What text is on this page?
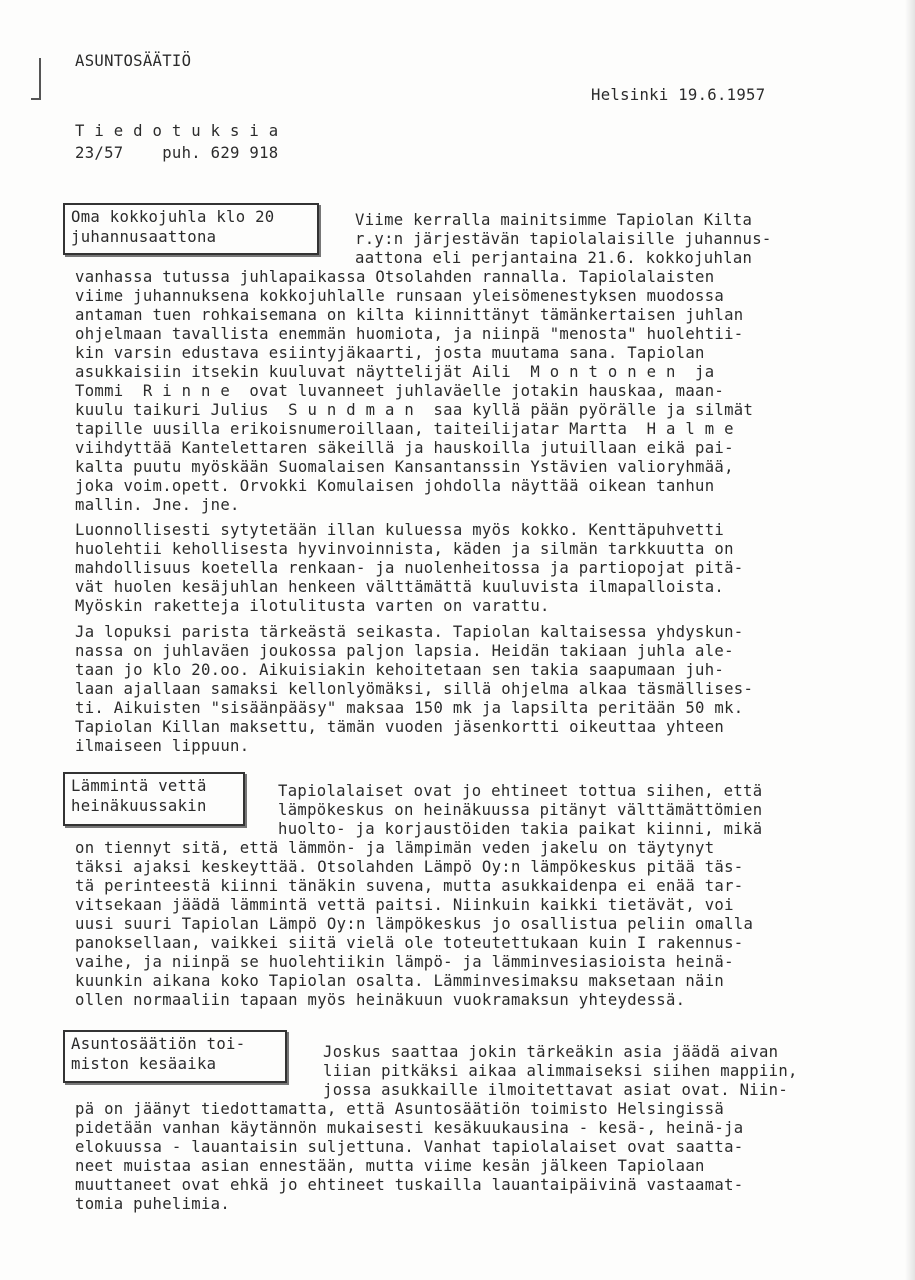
ASUNTOSÄÄTIÖ
Helsinki 19.6.1957
T i e d o t u k s i a
23/57    puh. 629 918
Oma kokkojuhla klo 20
juhannusaattona
Viime kerralla mainitsimme Tapiolan Kilta
r.y:n järjestävän tapiolalaisille juhannus-
aattona eli perjantaina 21.6. kokkojuhlan
vanhassa tutussa juhlapaikassa Otsolahden rannalla. Tapiolalaisten
viime juhannuksena kokkojuhlalle runsaan yleisömenestyksen muodossa
antaman tuen rohkaisemana on kilta kiinnittänyt tämänkertaisen juhlan
ohjelmaan tavallista enemmän huomiota, ja niinpä "menosta" huolehtii-
kin varsin edustava esiintyjäkaarti, josta muutama sana. Tapiolan
asukkaisiin itsekin kuuluvat näyttelijät Aili  M o n t o n e n  ja
Tommi  R i n n e  ovat luvanneet juhlaväelle jotakin hauskaa, maan-
kuulu taikuri Julius  S u n d m a n  saa kyllä pään pyörälle ja silmät
tapille uusilla erikoisnumeroillaan, taiteilijatar Martta  H a l m e
viihdyttää Kantelettaren säkeillä ja hauskoilla jutuillaan eikä pai-
kalta puutu myöskään Suomalaisen Kansantanssin Ystävien valioryhmää,
joka voim.opett. Orvokki Komulaisen johdolla näyttää oikean tanhun
mallin. Jne. jne.
Luonnollisesti sytytetään illan kuluessa myös kokko. Kenttäpuhvetti
huolehtii kehollisesta hyvinvoinnista, käden ja silmän tarkkuutta on
mahdollisuus koetella renkaan- ja nuolenheitossa ja partiopojat pitä-
vät huolen kesäjuhlan henkeen välttämättä kuuluvista ilmapalloista.
Myöskin raketteja ilotulitusta varten on varattu.
Ja lopuksi parista tärkeästä seikasta. Tapiolan kaltaisessa yhdyskun-
nassa on juhlaväen joukossa paljon lapsia. Heidän takiaan juhla ale-
taan jo klo 20.oo. Aikuisiakin kehoitetaan sen takia saapumaan juh-
laan ajallaan samaksi kellonlyömäksi, sillä ohjelma alkaa täsmällises-
ti. Aikuisten "sisäänpääsy" maksaa 150 mk ja lapsilta peritään 50 mk.
Tapiolan Killan maksettu, tämän vuoden jäsenkortti oikeuttaa yhteen
ilmaiseen lippuun.
Lämmintä vettä
heinäkuussakin
Tapiolalaiset ovat jo ehtineet tottua siihen, että
lämpökeskus on heinäkuussa pitänyt välttämättömien
huolto- ja korjaustöiden takia paikat kiinni, mikä
on tiennyt sitä, että lämmön- ja lämpimän veden jakelu on täytynyt
täksi ajaksi keskeyttää. Otsolahden Lämpö Oy:n lämpökeskus pitää täs-
tä perinteestä kiinni tänäkin suvena, mutta asukkaidenpa ei enää tar-
vitsekaan jäädä lämmintä vettä paitsi. Niinkuin kaikki tietävät, voi
uusi suuri Tapiolan Lämpö Oy:n lämpökeskus jo osallistua peliin omalla
panoksellaan, vaikkei siitä vielä ole toteutettukaan kuin I rakennus-
vaihe, ja niinpä se huolehtiikin lämpö- ja lämminvesiasioista heinä-
kuunkin aikana koko Tapiolan osalta. Lämminvesimaksu maksetaan näin
ollen normaaliin tapaan myös heinäkuun vuokramaksun yhteydessä.
Asuntosäätiön toi-
miston kesäaika
Joskus saattaa jokin tärkeäkin asia jäädä aivan
liian pitkäksi aikaa alimmaiseksi siihen mappiin,
jossa asukkaille ilmoitettavat asiat ovat. Niin-
pä on jäänyt tiedottamatta, että Asuntosäätiön toimisto Helsingissä
pidetään vanhan käytännön mukaisesti kesäkuukausina - kesä-, heinä-ja
elokuussa - lauantaisin suljettuna. Vanhat tapiolalaiset ovat saatta-
neet muistaa asian ennestään, mutta viime kesän jälkeen Tapiolaan
muuttaneet ovat ehkä jo ehtineet tuskailla lauantaipäivinä vastaamat-
tomia puhelimia.
